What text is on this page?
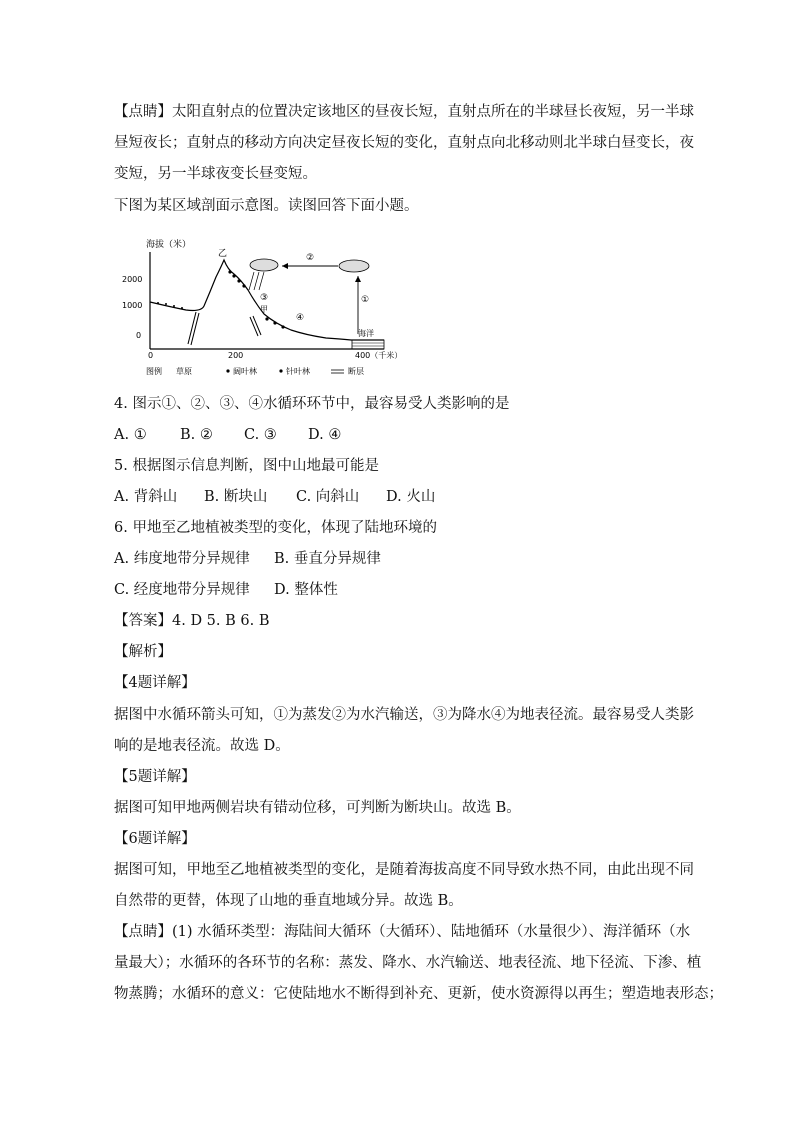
【点睛】太阳直射点的位置决定该地区的昼夜长短，直射点所在的半球昼长夜短，另一半球
昼短夜长；直射点的移动方向决定昼夜长短的变化，直射点向北移动则北半球白昼变长，夜
变短，另一半球夜变长昼变短。
下图为某区域剖面示意图。读图回答下面小题。
海拔（米）
2000
1000
0
0	200	400（千米）
海洋
乙
甲
②
①
③
④
图例 草原	阔叶林	针叶林	断层
4. 图示①、②、③、④水循环环节中，最容易受人类影响的是
A. ① B. ② C. ③ D. ④
5. 根据图示信息判断，图中山地最可能是
A. 背斜山 B. 断块山 C. 向斜山 D. 火山
6. 甲地至乙地植被类型的变化，体现了陆地环境的
A. 纬度地带分异规律 B. 垂直分异规律
C. 经度地带分异规律 D. 整体性
【答案】4. D 5. B 6. B
【解析】
【4题详解】
据图中水循环箭头可知，①为蒸发②为水汽输送，③为降水④为地表径流。最容易受人类影
响的是地表径流。故选 D。
【5题详解】
据图可知甲地两侧岩块有错动位移，可判断为断块山。故选 B。
【6题详解】
据图可知，甲地至乙地植被类型的变化，是随着海拔高度不同导致水热不同，由此出现不同
自然带的更替，体现了山地的垂直地域分异。故选 B。
【点睛】(1) 水循环类型：海陆间大循环（大循环）、陆地循环（水量很少）、海洋循环（水
量最大）；水循环的各环节的名称：蒸发、降水、水汽输送、地表径流、地下径流、下渗、植
物蒸腾；水循环的意义：它使陆地水不断得到补充、更新，使水资源得以再生；塑造地表形态；
